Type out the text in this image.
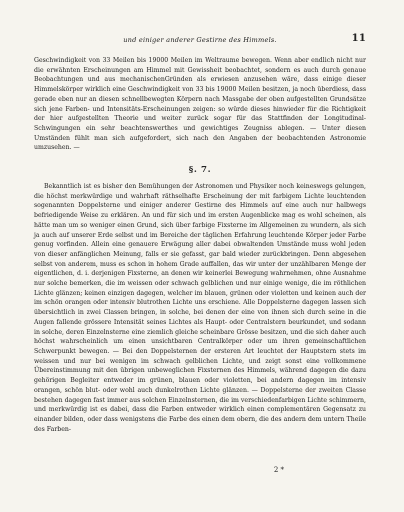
und einiger anderer Gestirne des Himmels.	11

Geschwindigkeit von 33 Meilen bis 19000 Meilen im Weltraume bewegen. Wenn aber endlich nicht nur die erwähnten Erscheinungen am Himmel mit Gewissheit beobachtet, sondern es auch durch genaue Beobachtungen und aus mechanischenGründen als erwiesen anzusehen wäre, dass einige dieser Himmelskörper wirklich eine Geschwindigkeit von 33 bis 19000 Meilen besitzen, ja noch überdiess, dass gerade eben nur an diesen schnellbewegten Körpern nach Massgabe der oben aufgestellten Grundsätze sich jene Farben- und Intensitäts-Erscheinungen zeigen: so würde dieses hinwieder für die Richtigkeit der hier aufgestellten Theorie und weiter zurück sogar für das Stattfinden der Longitudinal-Schwingungen ein sehr beachtenswerthes und gewichtiges Zeugniss ablegen. — Unter diesen Umständen fühlt man sich aufgefordert, sich nach den Angaben der beobachtenden Astronomie umzusehen. —

§. 7.

Bekanntlich ist es bisher den Bemühungen der Astronomen und Physiker noch keineswegs gelungen, die höchst merkwürdige und wahrhaft räthselhafte Erscheinung der mit farbigem Lichte leuchtenden sogenannten Doppelsterne und einiger anderer Gestirne des Himmels auf eine auch nur halbwegs befriedigende Weise zu erklären. An und für sich und im ersten Augenblicke mag es wohl scheinen, als hätte man um so weniger einen Grund, sich über farbige Fixsterne im Allgemeinen zu wundern, als sich ja auch auf unserer Erde selbst und im Bereiche der täglichen Erfahrung leuchtende Körper jeder Farbe genug vorfinden. Allein eine genauere Erwägung aller dabei obwaltenden Umstände muss wohl jeden von dieser anfänglichen Meinung, falls er sie gefasst, gar bald wieder zurückbringen. Denn abgesehen selbst von anderem, muss es schon in hohem Grade auffallen, das wir unter der unzählbaren Menge der eigentlichen, d. i. derjenigen Fixsterne, an denen wir keinerlei Bewegung wahrnehmen, ohne Ausnahme nur solche bemerken, die im weissen oder schwach gelblichen und nur einige wenige, die im röthlichen Lichte glänzen; keinen einzigen dagegen, welcher im blauen, grünen oder violetten und keinen auch der im schön orangen oder intensiv blutrothen Lichte uns erschiene. Alle Doppelsterne dagegen lassen sich übersichtlich in zwei Classen bringen, in solche, bei denen der eine von ihnen sich durch seine in die Augen fallende grössere Intensität seines Lichtes als Haupt- oder Centralstern beurkundet, und sodann in solche, deren Einzelnsterne eine ziemlich gleiche scheinbare Grösse besitzen, und die sich daher auch höchst wahrscheinlich um einen unsichtbaren Centralkörper oder um ihren gemeinschaftlichen Schwerpunkt bewegen. — Bei den Doppelsternen der ersteren Art leuchtet der Hauptstern stets im weissen und nur bei wenigen im schwach gelblichen Lichte, und zeigt sonst eine vollkommene Übereinstimmung mit den übrigen unbeweglichen Fixsternen des Himmels, während dagegen die dazu gehörigen Begleiter entweder im grünen, blauen oder violetten, bei andern dagegen im intensiv orangen, schön blut- oder wohl auch dunkelrothen Lichte glänzen. — Doppelsterne der zweiten Classe bestehen dagegen fast immer aus solchen Einzelnsternen, die im verschiedenfarbigen Lichte schimmern, und merkwürdig ist es dabei, dass die Farben entweder wirklich einen complementären Gegensatz zu einander bilden, oder dass wenigstens die Farbe des einen dem obern, die des andern dem untern Theile des Farben-

2 *
